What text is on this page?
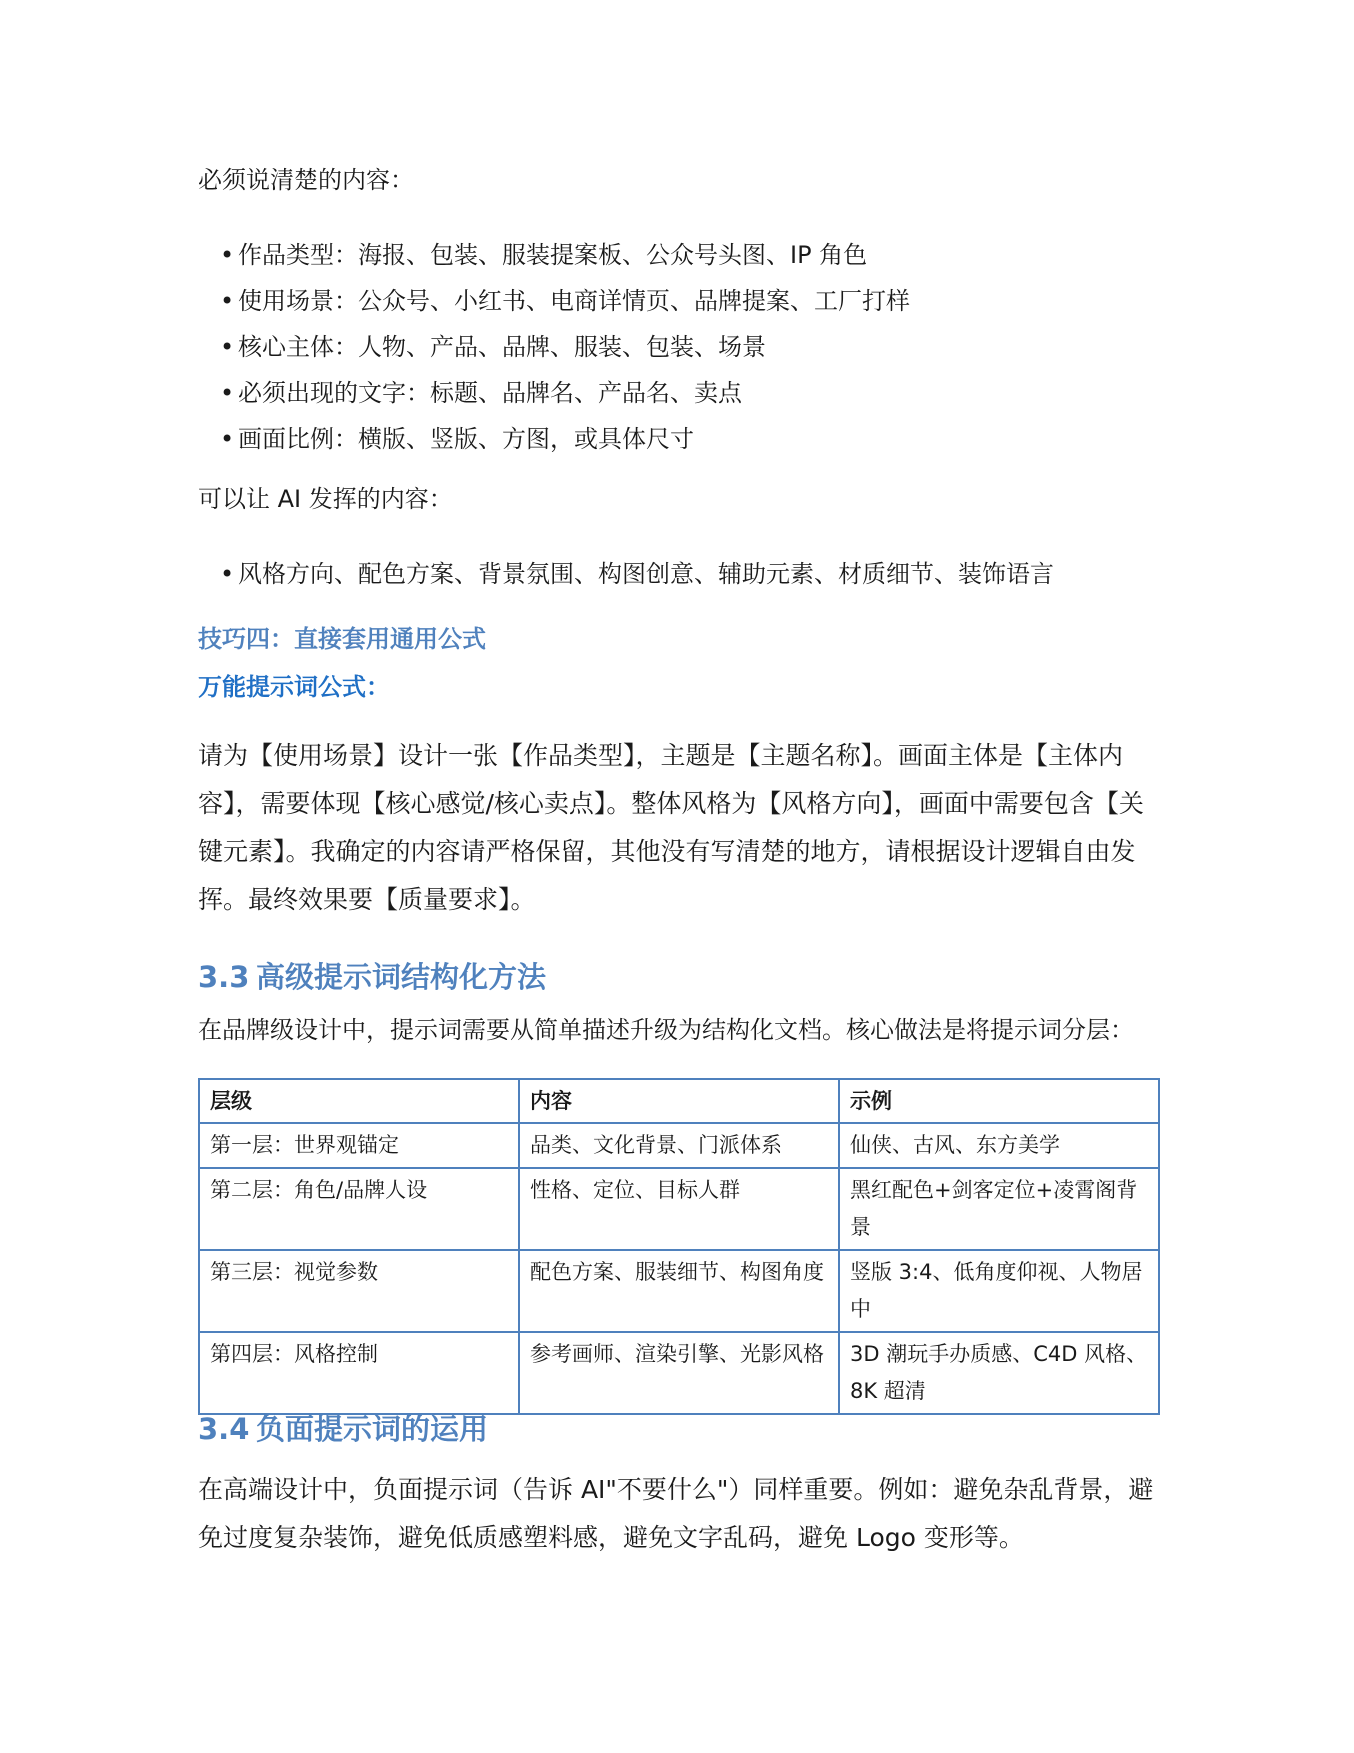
必须说清楚的内容：

• 作品类型：海报、包装、服装提案板、公众号头图、IP 角色
• 使用场景：公众号、小红书、电商详情页、品牌提案、工厂打样
• 核心主体：人物、产品、品牌、服装、包装、场景
• 必须出现的文字：标题、品牌名、产品名、卖点
• 画面比例：横版、竖版、方图，或具体尺寸

可以让 AI 发挥的内容：

• 风格方向、配色方案、背景氛围、构图创意、辅助元素、材质细节、装饰语言

技巧四：直接套用通用公式

万能提示词公式：

请为【使用场景】设计一张【作品类型】，主题是【主题名称】。画面主体是【主体内容】，需要体现【核心感觉/核心卖点】。整体风格为【风格方向】，画面中需要包含【关键元素】。我确定的内容请严格保留，其他没有写清楚的地方，请根据设计逻辑自由发挥。最终效果要【质量要求】。

3.3 高级提示词结构化方法

在品牌级设计中，提示词需要从简单描述升级为结构化文档。核心做法是将提示词分层：

层级	内容	示例
第一层：世界观锚定	品类、文化背景、门派体系	仙侠、古风、东方美学
第二层：角色/品牌人设	性格、定位、目标人群	黑红配色+剑客定位+凌霄阁背景
第三层：视觉参数	配色方案、服装细节、构图角度	竖版 3:4、低角度仰视、人物居中
第四层：风格控制	参考画师、渲染引擎、光影风格	3D 潮玩手办质感、C4D 风格、8K 超清
3.4 负面提示词的运用

在高端设计中，负面提示词（告诉 AI"不要什么"）同样重要。例如：避免杂乱背景，避免过度复杂装饰，避免低质感塑料感，避免文字乱码，避免 Logo 变形等。
